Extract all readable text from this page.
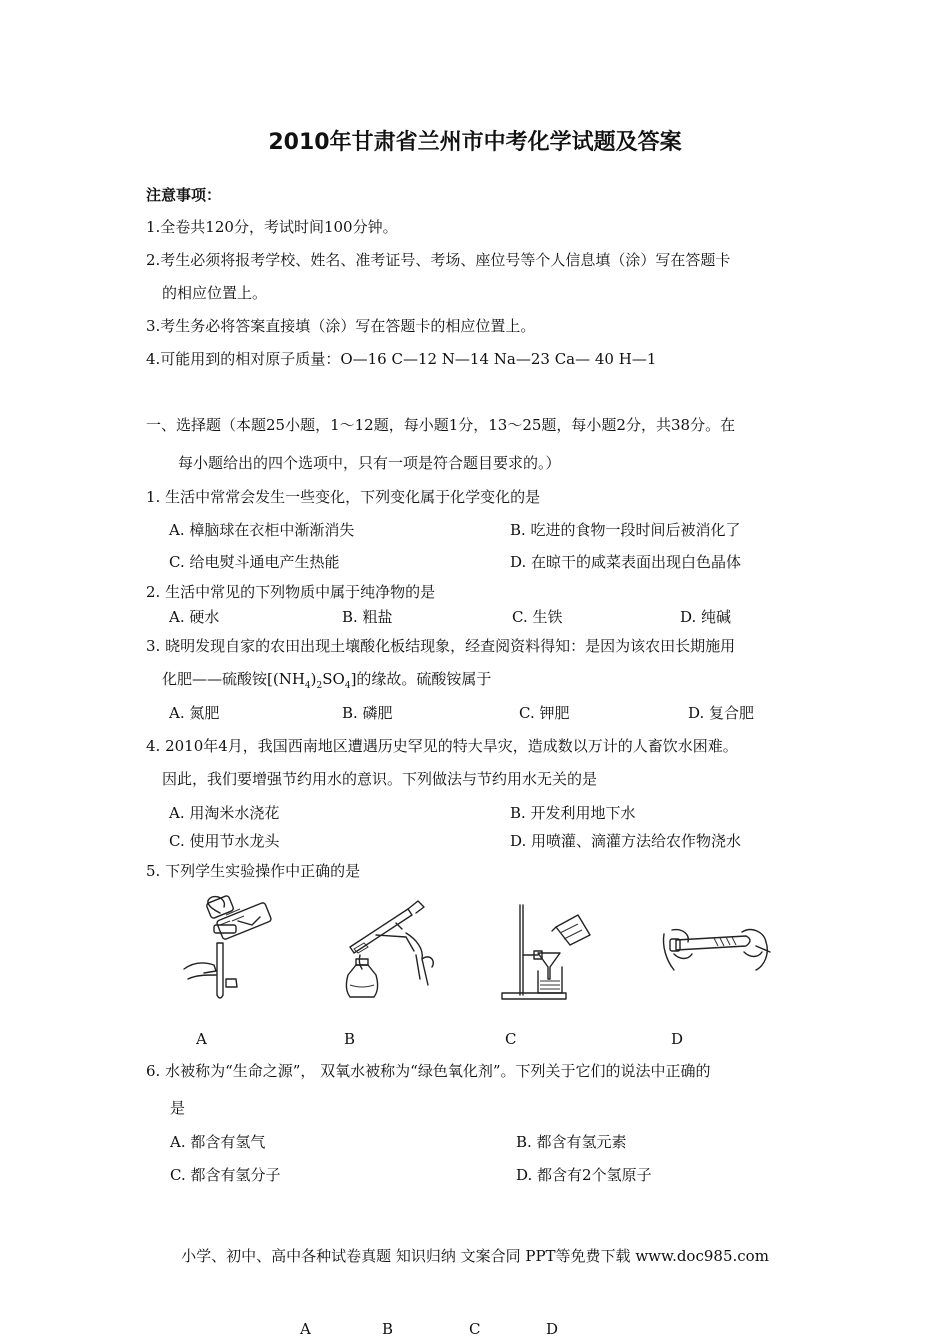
2010年甘肃省兰州市中考化学试题及答案
注意事项：
1.全卷共120分，考试时间100分钟。
2.考生必须将报考学校、姓名、准考证号、考场、座位号等个人信息填（涂）写在答题卡
的相应位置上。
3.考生务必将答案直接填（涂）写在答题卡的相应位置上。
4.可能用到的相对原子质量：O—16 C—12 N—14 Na—23 Ca— 40 H—1
一、选择题（本题25小题，1～12题，每小题1分，13～25题，每小题2分，共38分。在
每小题给出的四个选项中，只有一项是符合题目要求的。）
1. 生活中常常会发生一些变化，下列变化属于化学变化的是
A. 樟脑球在衣柜中渐渐消失	B. 吃进的食物一段时间后被消化了
C. 给电熨斗通电产生热能	D. 在晾干的咸菜表面出现白色晶体
2. 生活中常见的下列物质中属于纯净物的是
A. 硬水	B. 粗盐	C. 生铁	D. 纯碱
3. 晓明发现自家的农田出现土壤酸化板结现象，经查阅资料得知：是因为该农田长期施用
化肥——硫酸铵$[(NH_4)_2SO_4]$的缘故。硫酸铵属于
A. 氮肥	B. 磷肥	C. 钾肥	D. 复合肥
4. 2010年4月，我国西南地区遭遇历史罕见的特大旱灾，造成数以万计的人畜饮水困难。
因此，我们要增强节约用水的意识。下列做法与节约用水无关的是
A. 用淘米水浇花	B. 开发利用地下水
C. 使用节水龙头	D. 用喷灌、滴灌方法给农作物浇水
5. 下列学生实验操作中正确的是
A	B	C	D
6. 水被称为“生命之源”， 双氧水被称为“绿色氧化剂”。下列关于它们的说法中正确的
是
A. 都含有氢气	B. 都含有氢元素
C. 都含有氢分子	D. 都含有2个氢原子
小学、初中、高中各种试卷真题 知识归纳 文案合同 PPT等免费下载 www.doc985.com
A	B	C	D
